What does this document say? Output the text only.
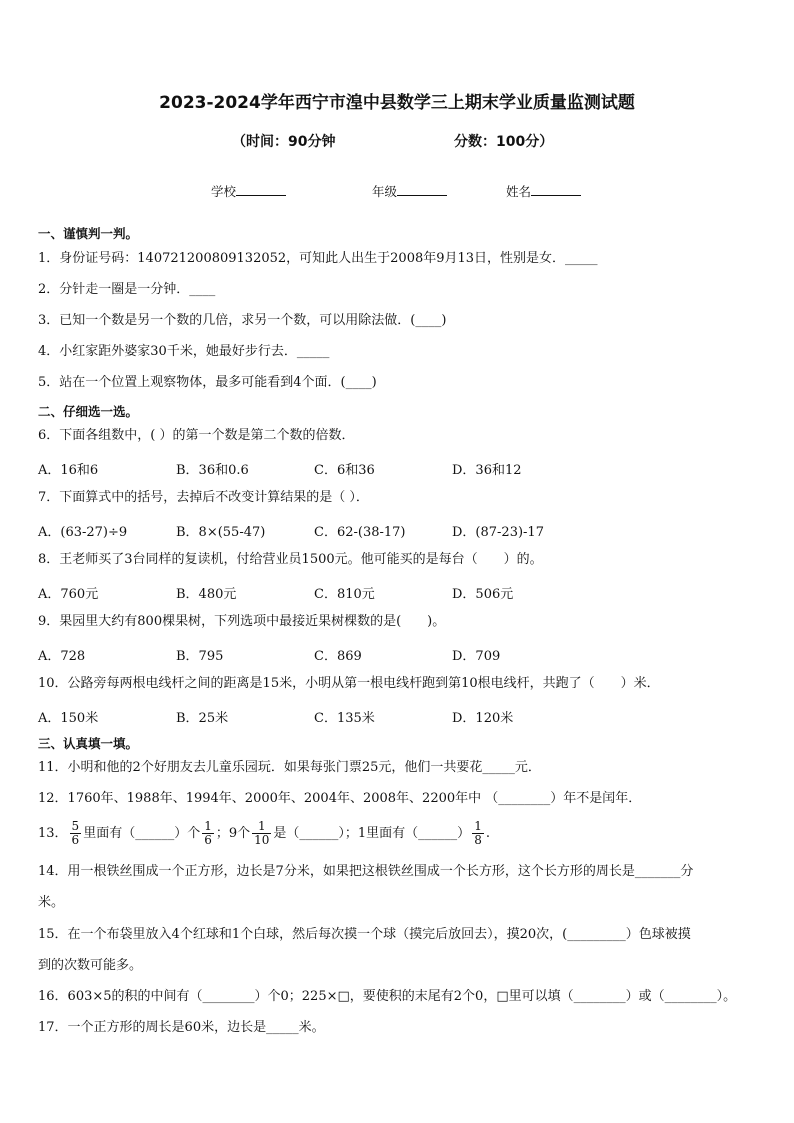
2023-2024学年西宁市湟中县数学三上期末学业质量监测试题
（时间：90分钟	分数：100分）
学校	年级	姓名
一、谨慎判一判。
1．身份证号码：140721200809132052，可知此人出生于2008年9月13日，性别是女．_____
2．分针走一圈是一分钟．____
3．已知一个数是另一个数的几倍，求另一个数，可以用除法做．(____)
4．小红家距外婆家30千米，她最好步行去．_____
5．站在一个位置上观察物体，最多可能看到4个面．(____)
二、仔细选一选。
6．下面各组数中，( ）的第一个数是第二个数的倍数．
A．16和6	B．36和0.6	C．6和36	D．36和12
7．下面算式中的括号，去掉后不改变计算结果的是（ ）．
A．(63-27)÷9	B．8×(55-47)	C．62-(38-17)	D．(87-23)-17
8．王老师买了3台同样的复读机，付给营业员1500元。他可能买的是每台（　　）的。
A．760元	B．480元	C．810元	D．506元
9．果园里大约有800棵果树，下列选项中最接近果树棵数的是(　　)。
A．728	B．795	C．869	D．709
10．公路旁每两根电线杆之间的距离是15米，小明从第一根电线杆跑到第10根电线杆，共跑了（　　）米．
A．150米	B．25米	C．135米	D．120米
三、认真填一填。
11．小明和他的2个好朋友去儿童乐园玩．如果每张门票25元，他们一共要花_____元．
12．1760年、1988年、1994年、2000年、2004年、2008年、2200年中 （________）年不是闰年．
13． $\frac{5}{6}$ 里面有（______）个 $\frac{1}{6}$ ；9个 $\frac{1}{10}$ 是（______）；1里面有（______） $\frac{1}{8}$ .
14．用一根铁丝围成一个正方形，边长是7分米，如果把这根铁丝围成一个长方形，这个长方形的周长是_______分
米。
15．在一个布袋里放入4个红球和1个白球，然后每次摸一个球（摸完后放回去），摸20次，(_________）色球被摸
到的次数可能多。
16．603×5的积的中间有（________）个0；225×□，要使积的末尾有2个0，□里可以填（________）或（________）。
17．一个正方形的周长是60米，边长是_____米。
